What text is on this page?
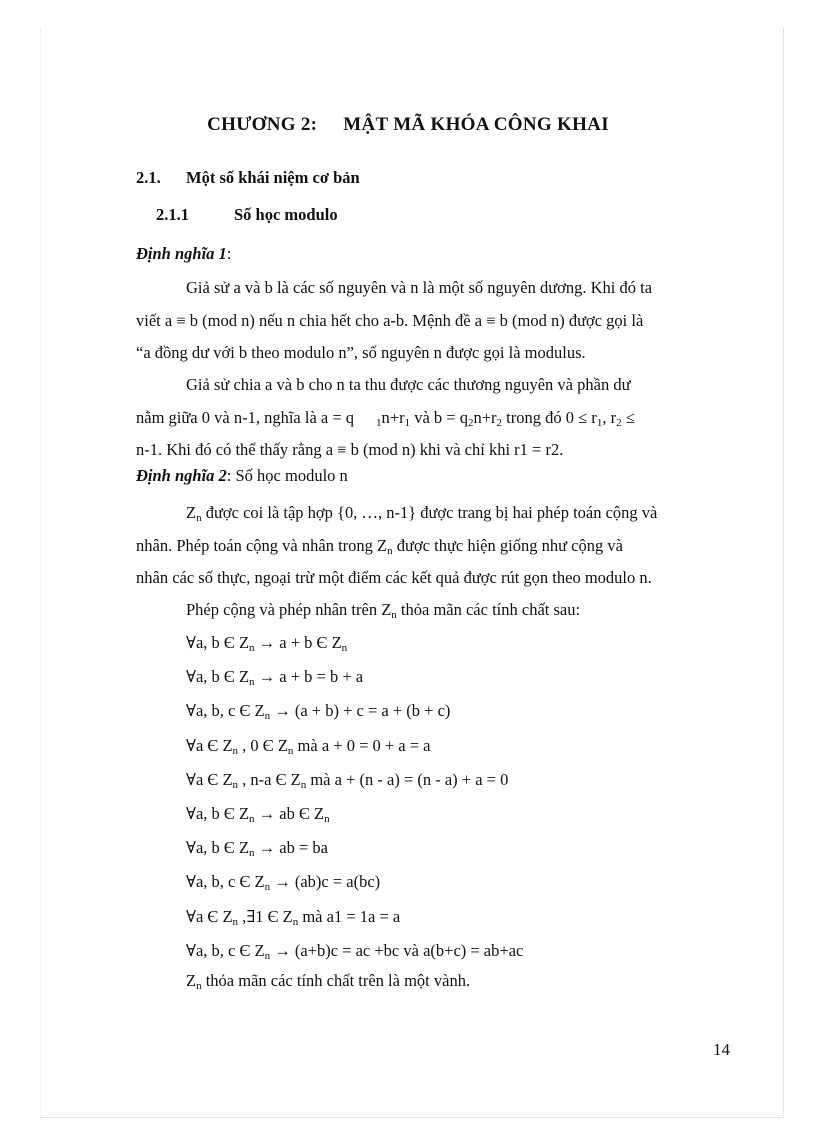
CHƯƠNG 2: MẬT MÃ KHÓA CÔNG KHAI
2.1. Một số khái niệm cơ bản
2.1.1	Số học modulo
Định nghĩa 1:
Giả sử a và b là các số nguyên và n là một số nguyên dương. Khi đó ta
viết a ≡ b (mod n) nếu n chia hết cho a-b. Mệnh đề a ≡ b (mod n) được gọi là
“a đồng dư với b theo modulo n”, số nguyên n được gọi là modulus.
Giả sử chia a và b cho n ta thu được các thương nguyên và phần dư
nằm giữa 0 và n-1, nghĩa là a = q $_1n+r_1$ và $b = q_2n+r_2$ trong đó $0 \le r_1$, $r_2$ ≤
n-1. Khi đó có thể thấy rằng a ≡ b (mod n) khi và chỉ khi r1 = r2.
Định nghĩa 2: Số học modulo n
$Z_n$ được coi là tập hợp {0, …, n-1} được trang bị hai phép toán cộng và
nhân. Phép toán cộng và nhân trong $Z_n$ được thực hiện giống như cộng và
nhân các số thực, ngoại trừ một điểm các kết quả được rút gọn theo modulo n.
Phép cộng và phép nhân trên $Z_n$ thỏa mãn các tính chất sau:
∀a, b Є $Z_n \to a + b$ Є $Z_n$
∀a, b Є $Z_n \to a + b = b + a$
∀a, b, c Є $Z_n \to (a + b) + c = a + (b + c)$
∀a Є $Z_n$ , 0 Є $Z_n$ mà a + 0 = 0 + a = a
∀a Є $Z_n$ , n-a Є $Z_n$ mà a + (n - a) = (n - a) + a = 0
∀a, b Є $Z_n$ → ab Є $Z_n$
∀a, b Є $Z_n$ → ab = ba
∀a, b, c Є $Z_n \to (ab)c = a(bc)$
∀a Є $Z_n$ ,∃1 Є $Z_n$ mà a1 = 1a = a
∀a, b, c Є $Z_n \to (a+b)c$ = ac +bc và a(b+c) = ab+ac
$Z_n$ thỏa mãn các tính chất trên là một vành.
14
